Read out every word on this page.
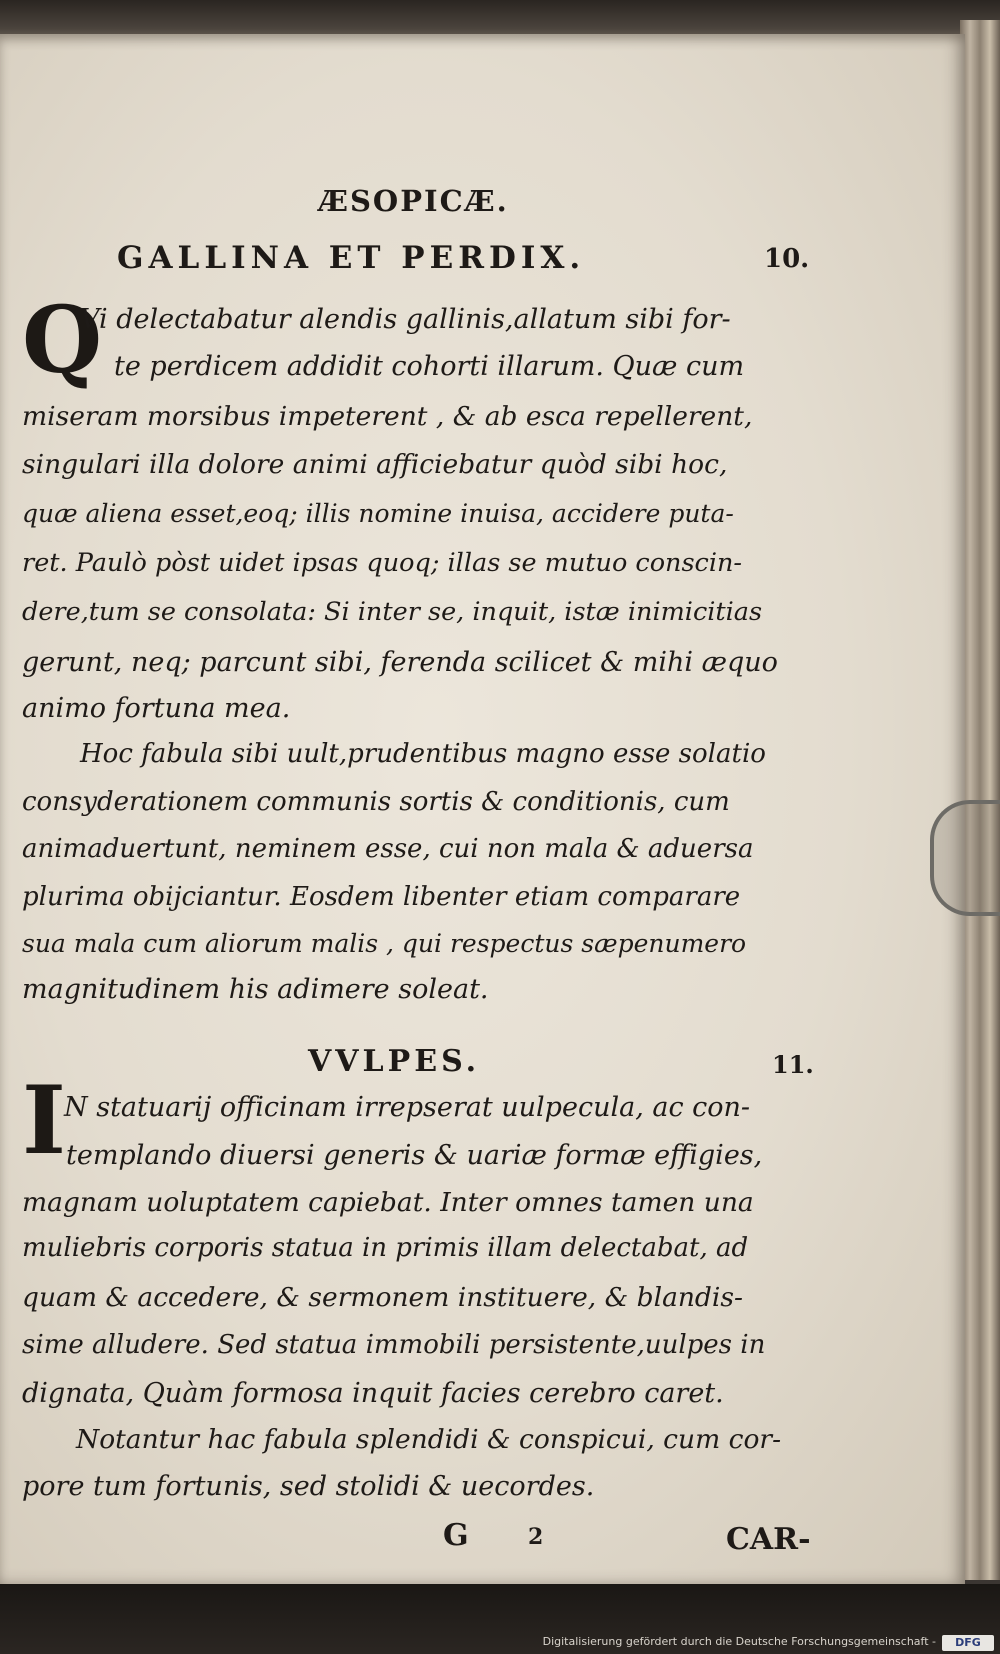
ÆSOPICÆ.
GALLINA ET PERDIX.	10.
Q
Vi delectabatur alendis gallinis,allatum sibi for-
te perdicem addidit cohorti illarum. Quæ cum
miseram morsibus impeterent , & ab esca repellerent,
singulari illa dolore animi afficiebatur quòd sibi hoc,
quæ aliena esset,eoq; illis nomine inuisa, accidere puta-
ret. Paulò pòst uidet ipsas quoq; illas se mutuo conscin-
dere,tum se consolata: Si inter se, inquit, istæ inimicitias
gerunt, neq; parcunt sibi, ferenda scilicet & mihi æquo
animo fortuna mea.
Hoc fabula sibi uult,prudentibus magno esse solatio
consyderationem communis sortis & conditionis, cum
animaduertunt, neminem esse, cui non mala & aduersa
plurima obijciantur. Eosdem libenter etiam comparare
sua mala cum aliorum malis , qui respectus sæpenumero
magnitudinem his adimere soleat.
VVLPES.	11.
I
N statuarij officinam irrepserat uulpecula, ac con-
templando diuersi generis & uariæ formæ effigies,
magnam uoluptatem capiebat. Inter omnes tamen una
muliebris corporis statua in primis illam delectabat, ad
quam & accedere, & sermonem instituere, & blandis-
sime alludere. Sed statua immobili persistente,uulpes in
dignata, Quàm formosa inquit facies cerebro caret.
Notantur hac fabula splendidi & conspicui, cum cor-
pore tum fortunis, sed stolidi & uecordes.
G	2	CAR-
Digitalisierung gefördert durch die Deutsche Forschungsgemeinschaft -	DFG
